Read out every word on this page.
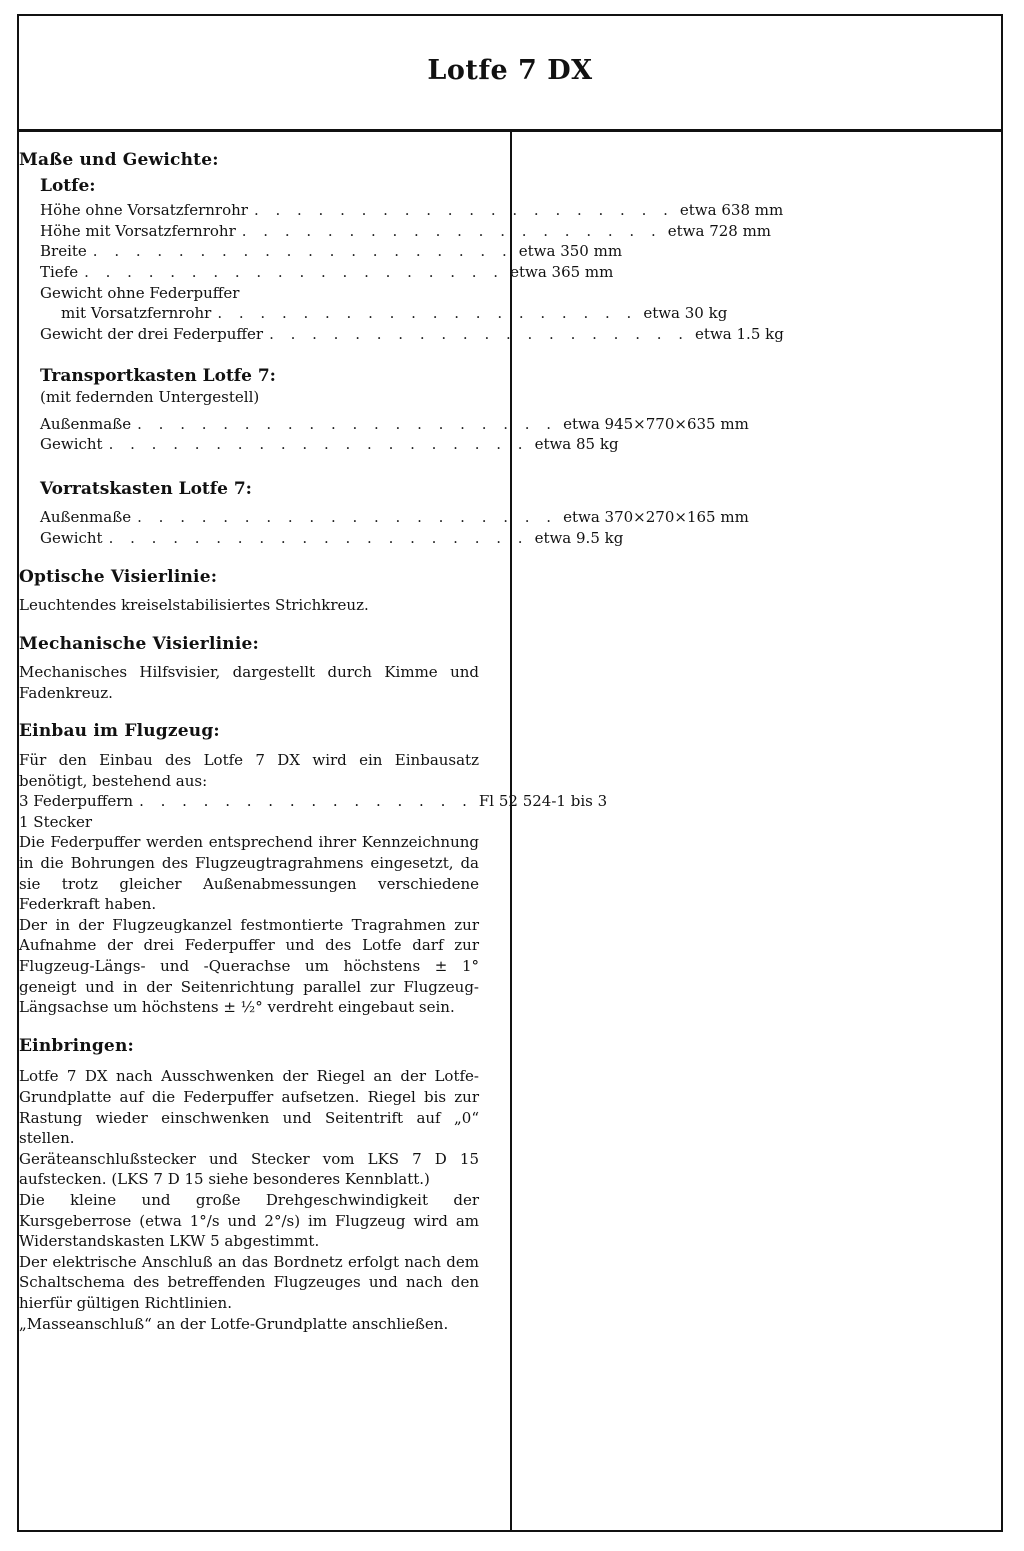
Lotfe 7 DX
Maße und Gewichte:
Lotfe:
Höhe ohne Vorsatzfernrohr . . . . . . . . . . . . . . . . . . . . etwa 638 mm
Höhe mit Vorsatzfernrohr . . . . . . . . . . . . . . . . . . . . etwa 728 mm
Breite . . . . . . . . . . . . . . . . . . . . etwa 350 mm
Tiefe . . . . . . . . . . . . . . . . . . . . etwa 365 mm
Gewicht ohne Federpuffer
mit Vorsatzfernrohr . . . . . . . . . . . . . . . . . . . . etwa 30 kg
Gewicht der drei Federpuffer . . . . . . . . . . . . . . . . . . . . etwa 1.5 kg
Transportkasten Lotfe 7:
(mit federnden Untergestell)
Außenmaße . . . . . . . . . . . . . . . . . . . . etwa 945×770×635 mm
Gewicht . . . . . . . . . . . . . . . . . . . . etwa 85 kg
Vorratskasten Lotfe 7:
Außenmaße . . . . . . . . . . . . . . . . . . . . etwa 370×270×165 mm
Gewicht . . . . . . . . . . . . . . . . . . . . etwa 9.5 kg
Optische Visierlinie:

Leuchtendes kreiselstabilisiertes Strichkreuz.

Mechanische Visierlinie:

Mechanisches Hilfsvisier, dargestellt durch Kimme und Fadenkreuz.

Einbau im Flugzeug:

Für den Einbau des Lotfe 7 DX wird ein Einbausatz benötigt, bestehend aus:

3 Federpuffern . . . . . . . . . . . . . . . . Fl 52 524-1 bis 3

1 Stecker

Die Federpuffer werden entsprechend ihrer Kennzeichnung in die Bohrungen des Flugzeugtragrahmens eingesetzt, da sie trotz gleicher Außenabmessungen verschiedene Federkraft haben.

Der in der Flugzeugkanzel festmontierte Tragrahmen zur Aufnahme der drei Federpuffer und des Lotfe darf zur Flugzeug-Längs- und -Querachse um höchstens ± 1° geneigt und in der Seitenrichtung parallel zur Flugzeug-Längsachse um höchstens ± ½° verdreht eingebaut sein.

Einbringen:

Lotfe 7 DX nach Ausschwenken der Riegel an der Lotfe-Grundplatte auf die Federpuffer aufsetzen. Riegel bis zur Rastung wieder einschwenken und Seitentrift auf „0“ stellen.

Geräteanschlußstecker und Stecker vom LKS 7 D 15 aufstecken. (LKS 7 D 15 siehe besonderes Kennblatt.)

Die kleine und große Drehgeschwindigkeit der Kursgeberrose (etwa 1°/s und 2°/s) im Flugzeug wird am Widerstandskasten LKW 5 abgestimmt.

Der elektrische Anschluß an das Bordnetz erfolgt nach dem Schaltschema des betreffenden Flugzeuges und nach den hierfür gültigen Richtlinien.

„Masseanschluß“ an der Lotfe-Grundplatte anschließen.
